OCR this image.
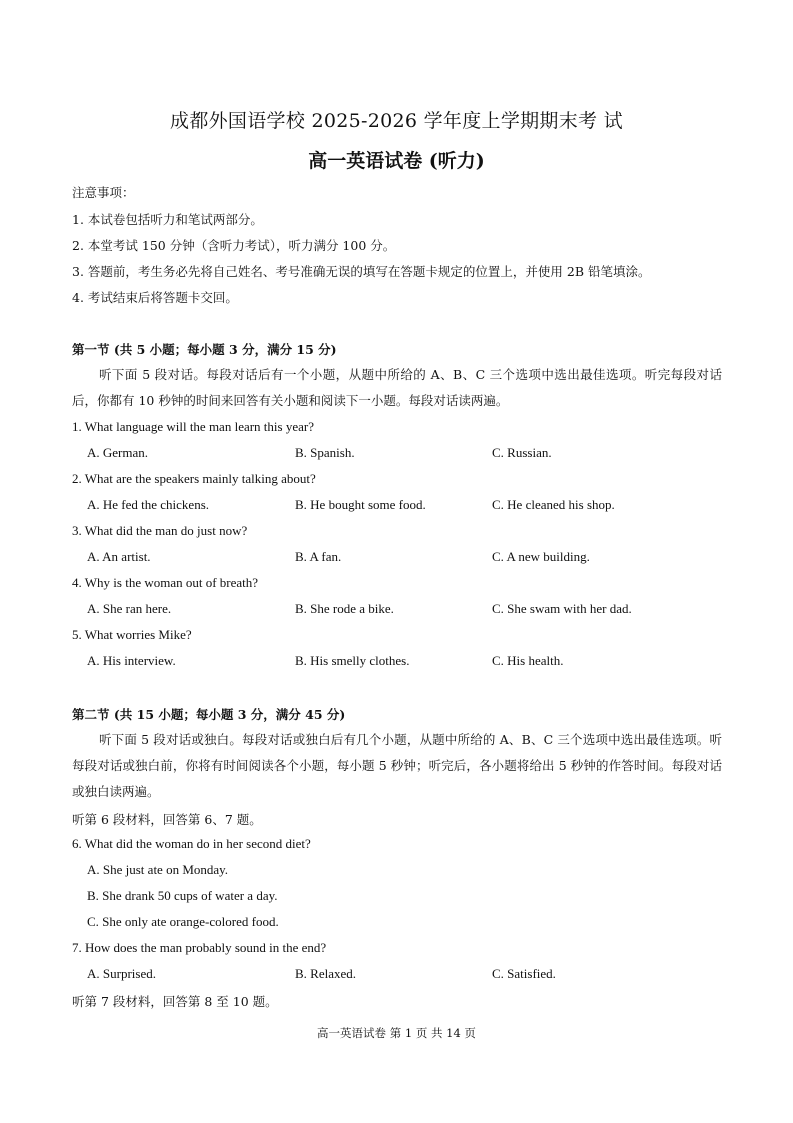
成都外国语学校 2025-2026 学年度上学期期末考 试
高一英语试卷 (听力)
注意事项：
1. 本试卷包括听力和笔试两部分。
2. 本堂考试 150 分钟（含听力考试），听力满分 100 分。
3. 答题前，考生务必先将自己姓名、考号准确无误的填写在答题卡规定的位置上，并使用 2B 铅笔填涂。
4. 考试结束后将答题卡交回。
第一节 (共 5 小题；每小题 3 分，满分 15 分)
听下面 5 段对话。每段对话后有一个小题，从题中所给的 A、B、C 三个选项中选出最佳选项。听完每段对话后，你都有 10 秒钟的时间来回答有关小题和阅读下一小题。每段对话读两遍。
1. What language will the man learn this year?
A. German.	B. Spanish.	C. Russian.
2. What are the speakers mainly talking about?
A. He fed the chickens.	B. He bought some food.	C. He cleaned his shop.
3. What did the man do just now?
A. An artist.	B. A fan.	C. A new building.
4. Why is the woman out of breath?
A. She ran here.	B. She rode a bike.	C. She swam with her dad.
5. What worries Mike?
A. His interview.	B. His smelly clothes.	C. His health.
第二节 (共 15 小题；每小题 3 分，满分 45 分)
听下面 5 段对话或独白。每段对话或独白后有几个小题，从题中所给的 A、B、C 三个选项中选出最佳选项。听每段对话或独白前，你将有时间阅读各个小题，每小题 5 秒钟；听完后，各小题将给出 5 秒钟的作答时间。每段对话或独白读两遍。
听第 6 段材料，回答第 6、7 题。
6. What did the woman do in her second diet?
A. She just ate on Monday.
B. She drank 50 cups of water a day.
C. She only ate orange-colored food.
7. How does the man probably sound in the end?
A. Surprised.	B. Relaxed.	C. Satisfied.
听第 7 段材料，回答第 8 至 10 题。
高一英语试卷 第 1 页 共 14 页
